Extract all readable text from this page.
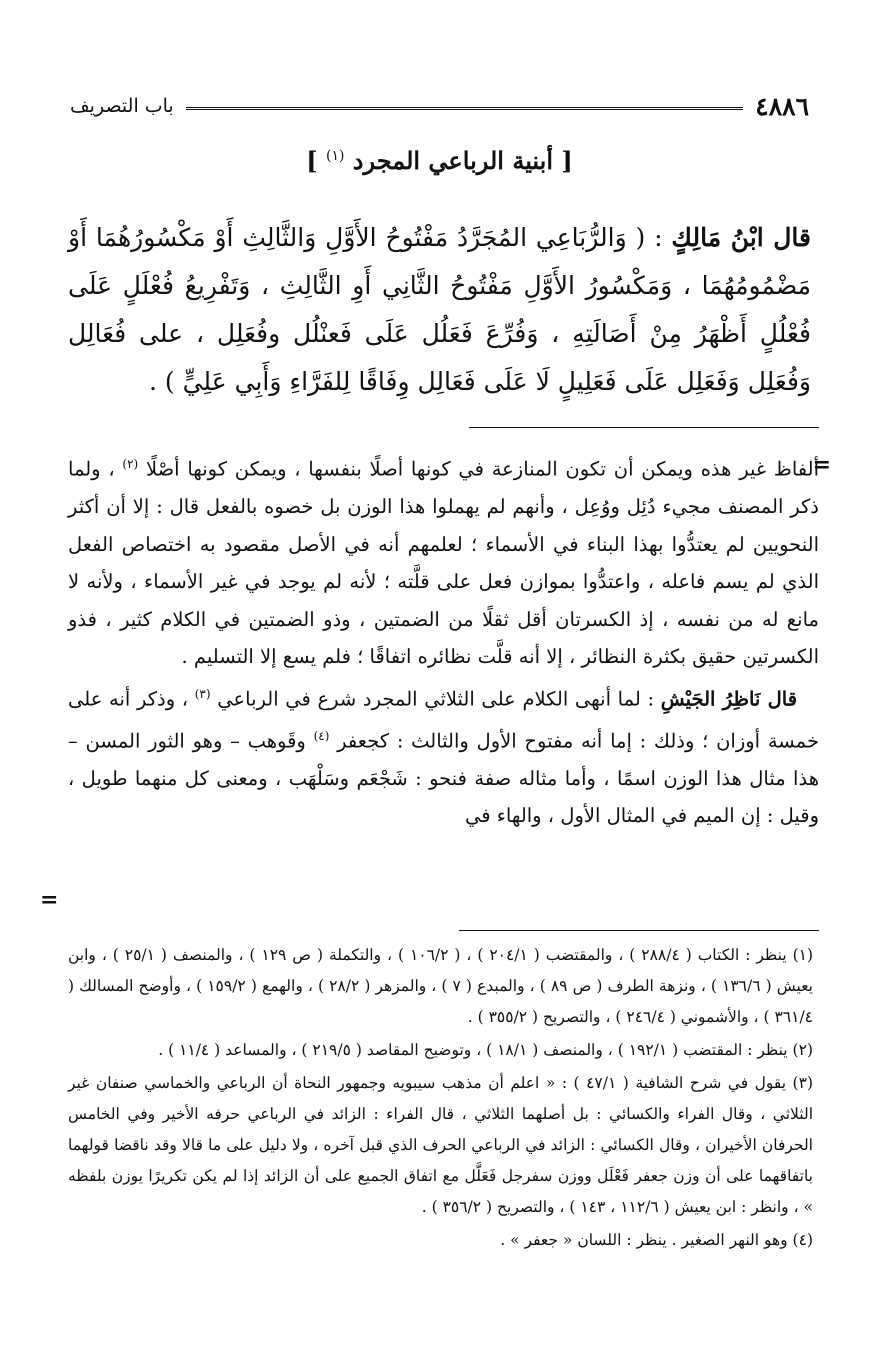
٤٨٨٦
باب التصريف
[ أبنية الرباعي المجرد $^{(١)}$ ]
قال ابْنُ مَالِكٍ : ( وَالرُّبَاعِي المُجَرَّدُ مَفْتُوحُ الأَوَّلِ وَالثَّالِثِ أَوْ مَكْسُورُهُمَا أَوْ مَضْمُومُهُمَا ، وَمَكْسُورُ الأَوَّلِ مَفْتُوحُ الثَّانِي أَوِ الثَّالِثِ ، وَتَفْرِيعُ فُعْلَلٍ عَلَى فُعْلُلٍ أَظْهَرُ مِنْ أَصَالَتِهِ ، وَفُرِّعَ فَعَلُل عَلَى فَعنْلُل وفُعَلِل ، على فُعَالِل وَفُعَلِل وَفَعَلِل عَلَى فَعَلِيلٍ لَا عَلَى فَعَالِل وِفَاقًا لِلفَرَّاءِ وَأَبِي عَلِيٍّ ) .
=

ألفاظ غير هذه ويمكن أن تكون المنازعة في كونها أصلًا بنفسها ، ويمكن كونها أصْلًا $^{(٢)}$ ، ولما ذكر المصنف مجيء دُئِل ووُعِل ، وأنهم لم يهملوا هذا الوزن بل خصوه بالفعل قال : إلا أن أكثر النحويين لم يعتدُّوا بهذا البناء في الأسماء ؛ لعلمهم أنه في الأصل مقصود به اختصاص الفعل الذي لم يسم فاعله ، واعتدُّوا بموازن فعل على قلَّته ؛ لأنه لم يوجد في غير الأسماء ، ولأنه لا مانع له من نفسه ، إذ الكسرتان أقل ثقلًا من الضمتين ، وذو الضمتين في الكلام كثير ، فذو الكسرتين حقيق بكثرة النظائر ، إلا أنه قلَّت نظائره اتفاقًا ؛ فلم يسع إلا التسليم .

قال نَاظِرُ الجَيْشِ : لما أنهى الكلام على الثلاثي المجرد شرع في الرباعي $^{(٣)}$ ، وذكر أنه على خمسة أوزان ؛ وذلك : إما أنه مفتوح الأول والثالث : كجعفر $^{(٤)}$ وقَوهب – وهو الثور المسن – هذا مثال هذا الوزن اسمًا ، وأما مثاله صفة فنحو : شَجْعَم وسَلْهَب ، ومعنى كل منهما طويل ، وقيل : إن الميم في المثال الأول ، والهاء في

=

(١) ينظر : الكتاب ( ٢٨٨/٤ ) ، والمقتضب ( ٢٠٤/١ ) ، ( ١٠٦/٢ ) ، والتكملة ( ص ١٢٩ ) ، والمنصف ( ٢٥/١ ) ، وابن يعيش ( ١٣٦/٦ ) ، ونزهة الطرف ( ص ٨٩ ) ، والمبدع ( ٧ ) ، والمزهر ( ٢٨/٢ ) ، والهمع ( ١٥٩/٢ ) ، وأوضح المسالك ( ٣٦١/٤ ) ، والأشموني ( ٢٤٦/٤ ) ، والتصريح ( ٣٥٥/٢ ) .

(٢) ينظر : المقتضب ( ١٩٢/١ ) ، والمنصف ( ١٨/١ ) ، وتوضيح المقاصد ( ٢١٩/٥ ) ، والمساعد ( ١١/٤ ) .

(٣) يقول في شرح الشافية ( ٤٧/١ ) : « اعلم أن مذهب سيبويه وجمهور النحاة أن الرباعي والخماسي صنفان غير الثلاثي ، وقال الفراء والكسائي : بل أصلهما الثلاثي ، قال الفراء : الزائد في الرباعي حرفه الأخير وفي الخامس الحرفان الأخيران ، وقال الكسائي : الزائد في الرباعي الحرف الذي قبل آخره ، ولا دليل على ما قالا وقد ناقضا قولهما باتفاقهما على أن وزن جعفر فَعْلَل ووزن سفرجل فَعَلَّل مع اتفاق الجميع على أن الزائد إذا لم يكن تكريرًا يوزن بلفظه » ، وانظر : ابن يعيش ( ١١٢/٦ ، ١٤٣ ) ، والتصريح ( ٣٥٦/٢ ) .

(٤) وهو النهر الصغير . ينظر : اللسان « جعفر » .
